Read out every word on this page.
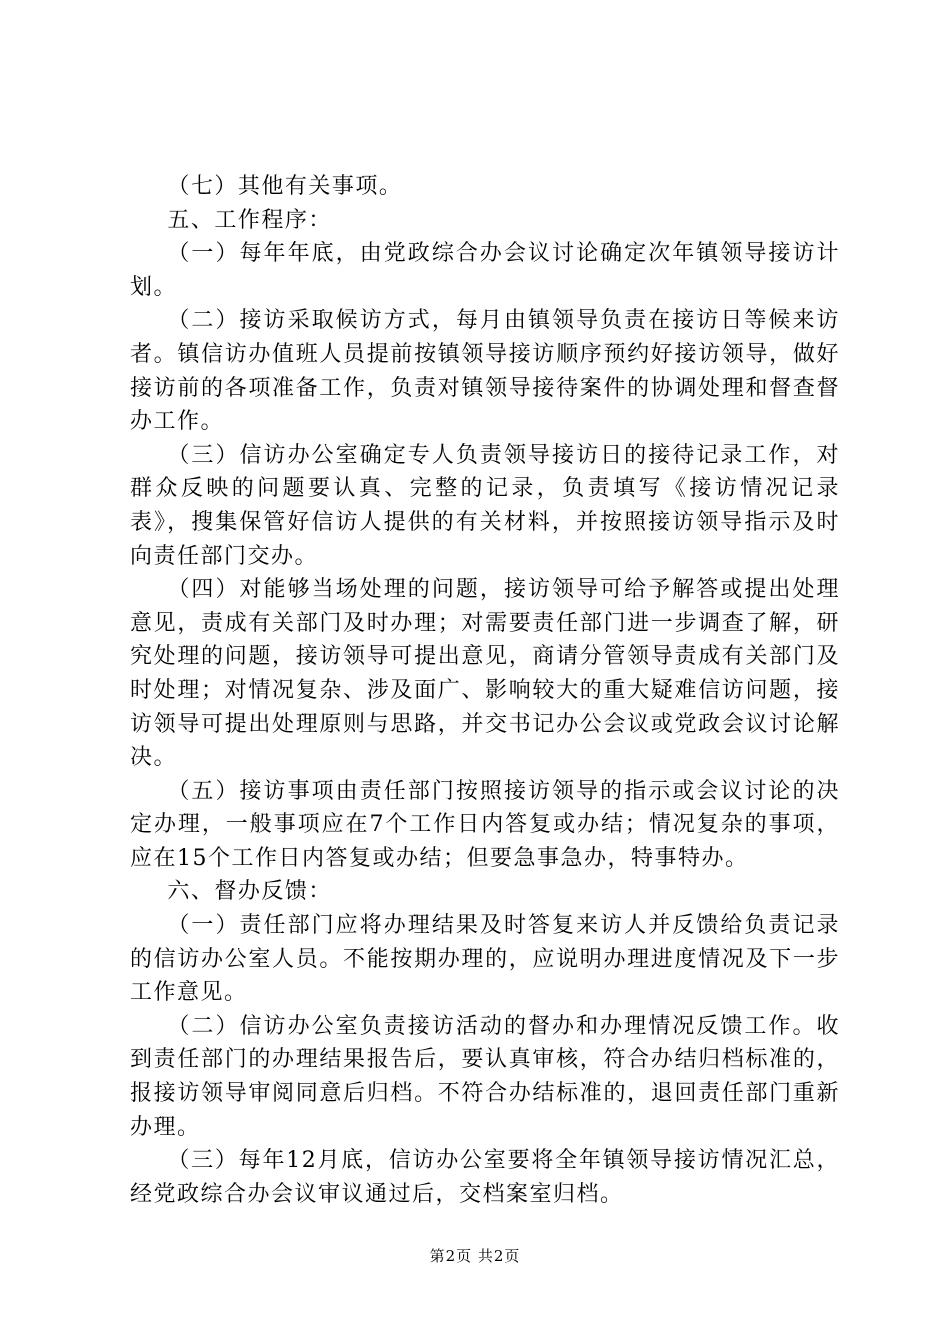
（七）其他有关事项。

五、工作程序：

（一）每年年底，由党政综合办会议讨论确定次年镇领导接访计划。

（二）接访采取候访方式，每月由镇领导负责在接访日等候来访者。镇信访办值班人员提前按镇领导接访顺序预约好接访领导，做好接访前的各项准备工作，负责对镇领导接待案件的协调处理和督查督办工作。

（三）信访办公室确定专人负责领导接访日的接待记录工作，对群众反映的问题要认真、完整的记录，负责填写《接访情况记录表》，搜集保管好信访人提供的有关材料，并按照接访领导指示及时向责任部门交办。

（四）对能够当场处理的问题，接访领导可给予解答或提出处理意见，责成有关部门及时办理；对需要责任部门进一步调查了解，研究处理的问题，接访领导可提出意见，商请分管领导责成有关部门及时处理；对情况复杂、涉及面广、影响较大的重大疑难信访问题，接访领导可提出处理原则与思路，并交书记办公会议或党政会议讨论解决。

（五）接访事项由责任部门按照接访领导的指示或会议讨论的决定办理，一般事项应在7个工作日内答复或办结；情况复杂的事项，应在15个工作日内答复或办结；但要急事急办，特事特办。

六、督办反馈：

（一）责任部门应将办理结果及时答复来访人并反馈给负责记录的信访办公室人员。不能按期办理的，应说明办理进度情况及下一步工作意见。

（二）信访办公室负责接访活动的督办和办理情况反馈工作。收到责任部门的办理结果报告后，要认真审核，符合办结归档标准的，报接访领导审阅同意后归档。不符合办结标准的，退回责任部门重新办理。

（三）每年12月底，信访办公室要将全年镇领导接访情况汇总，经党政综合办会议审议通过后，交档案室归档。

第2页 共2页
